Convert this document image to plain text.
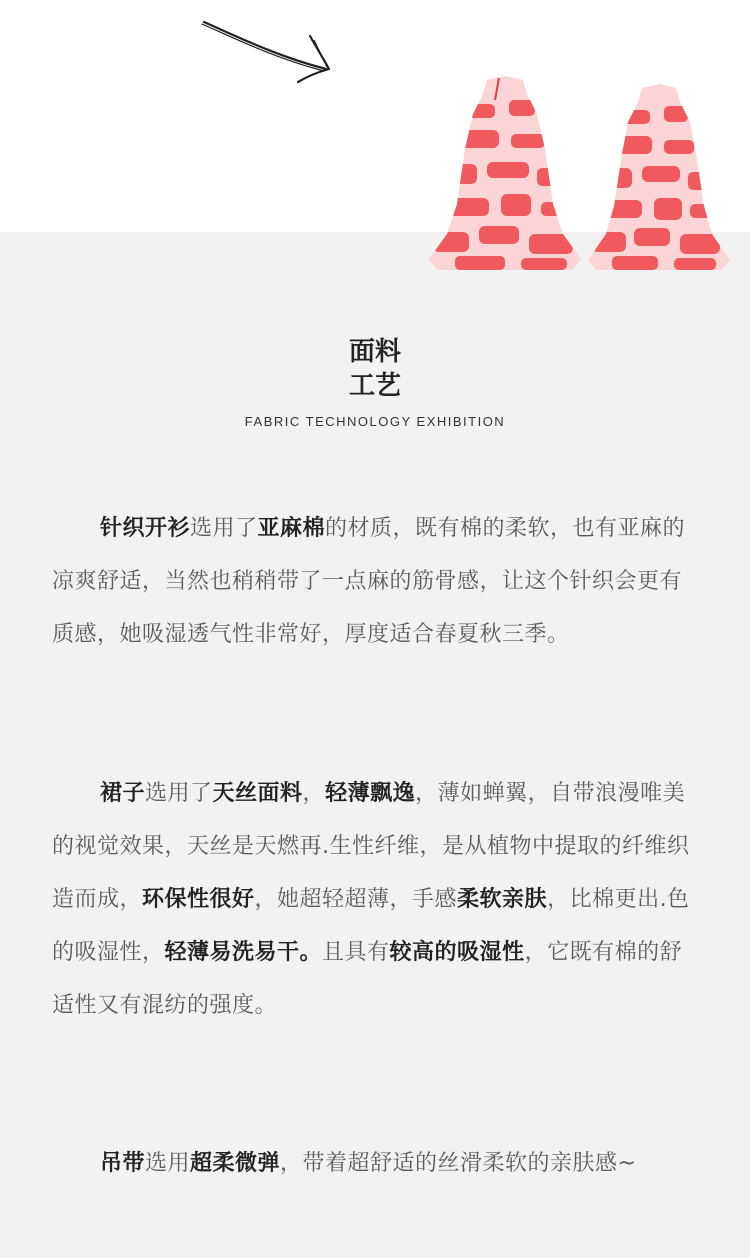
面料
工艺
FABRIC TECHNOLOGY EXHIBITION

针织开衫选用了亚麻棉的材质，既有棉的柔软，也有亚麻的凉爽舒适，当然也稍稍带了一点麻的筋骨感，让这个针织会更有质感，她吸湿透气性非常好，厚度适合春夏秋三季。

裙子选用了天丝面料，轻薄飘逸，薄如蝉翼，自带浪漫唯美的视觉效果，天丝是天燃再.生性纤维，是从植物中提取的纤维织造而成，环保性很好，她超轻超薄，手感柔软亲肤，比棉更出.色的吸湿性，轻薄易洗易干。且具有较高的吸湿性，它既有棉的舒适性又有混纺的强度。

吊带选用超柔微弹，带着超舒适的丝滑柔软的亲肤感~
